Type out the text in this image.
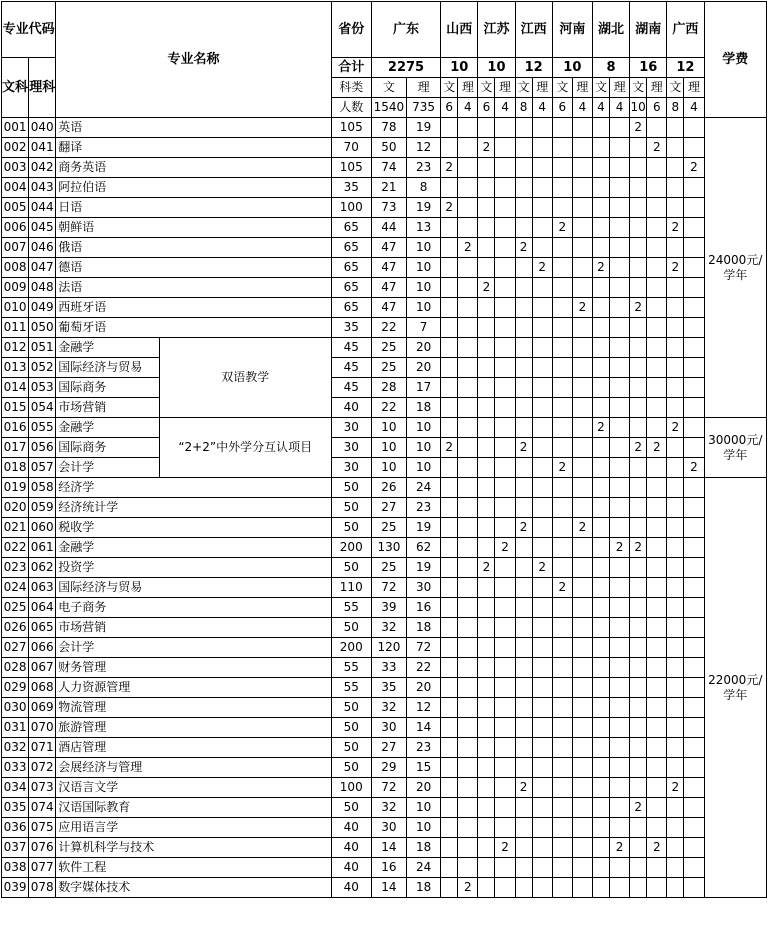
专业代码		专业名称		省份	广东		山西		江苏		江西		河南		湖北		湖南		广西		学费
文科	理科			合计	2275		10		10		12		10		8		16		12		
				科类	文	理	文	理	文	理	文	理	文	理	文	理	文	理	文	理	
				人数	1540	735	6	4	6	4	8	4	6	4	4	4	10	6	8	4	
001	040	英语		105	78	19											2				24000元/学年
002	041	翻译		70	50	12			2									2			
003	042	商务英语		105	74	23	2													2	
004	043	阿拉伯语		35	21	8															
005	044	日语		100	73	19	2														
006	045	朝鲜语		65	44	13							2						2		
007	046	俄语		65	47	10		2			2										
008	047	德语		65	47	10						2			2				2		
009	048	法语		65	47	10			2												
010	049	西班牙语		65	47	10								2			2				
011	050	葡萄牙语		35	22	7															
012	051	金融学	双语教学	45	25	20															
013	052	国际经济与贸易		45	25	20															
014	053	国际商务		45	28	17															
015	054	市场营销		40	22	18															
016	055	金融学	“2+2”中外学分互认项目	30	10	10									2				2		30000元/学年
017	056	国际商务		30	10	10	2				2						2	2			
018	057	会计学		30	10	10							2							2	
019	058	经济学		50	26	24															22000元/学年
020	059	经济统计学		50	27	23															
021	060	税收学		50	25	19					2			2							
022	061	金融学		200	130	62				2						2	2				
023	062	投资学		50	25	19			2			2									
024	063	国际经济与贸易		110	72	30							2								
025	064	电子商务		55	39	16															
026	065	市场营销		50	32	18															
027	066	会计学		200	120	72															
028	067	财务管理		55	33	22															
029	068	人力资源管理		55	35	20															
030	069	物流管理		50	32	12															
031	070	旅游管理		50	30	14															
032	071	酒店管理		50	27	23															
033	072	会展经济与管理		50	29	15															
034	073	汉语言文学		100	72	20					2								2		
035	074	汉语国际教育		50	32	10											2				
036	075	应用语言学		40	30	10															
037	076	计算机科学与技术		40	14	18				2						2		2			
038	077	软件工程		40	16	24															
039	078	数字媒体技术		40	14	18		2													
